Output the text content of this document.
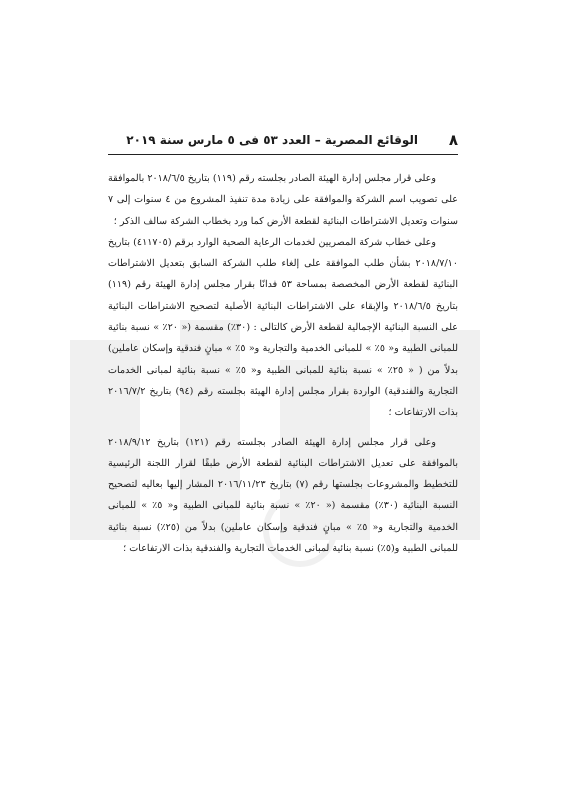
٨
الوقائع المصرية – العدد ٥٣ فى ٥ مارس سنة ٢٠١٩

وعلى قرار مجلس إدارة الهيئة الصادر بجلسته رقم (١١٩) بتاريخ ٢٠١٨/٦/٥ بالموافقة على تصويب اسم الشركة والموافقة على زيادة مدة تنفيذ المشروع من ٤ سنوات إلى ٧ سنوات وتعديل الاشتراطات البنائية لقطعة الأرض كما ورد بخطاب الشركة سالف الذكر ؛

وعلى خطاب شركة المصريين لخدمات الرعاية الصحية الوارد برقم (٤١١٧٠٥) بتاريخ ٢٠١٨/٧/١٠ بشأن طلب الموافقة على إلغاء طلب الشركة السابق بتعديل الاشتراطات البنائية لقطعة الأرض المخصصة بمساحة ٥٣ فدانًا بقرار مجلس إدارة الهيئة رقم (١١٩) بتاريخ ٢٠١٨/٦/٥ والإبقاء على الاشتراطات البنائية الأصلية لتصحيح الاشتراطات البنائية على النسبة البنائية الإجمالية لقطعة الأرض كالتالى : (٣٠٪) مقسمة (« ٢٠٪ » نسبة بنائية للمبانى الطبية و« ٥٪ » للمبانى الخدمية والتجارية و« ٥٪ » مبانٍ فندقية وإسكان عاملين) بدلاً من ( « ٢٥٪ » نسبة بنائية للمبانى الطبية و« ٥٪ » نسبة بنائية لمبانى الخدمات التجارية والفندقية) الواردة بقرار مجلس إدارة الهيئة بجلسته رقم (٩٤) بتاريخ ٢٠١٦/٧/٢ بذات الارتفاعات ؛

وعلى قرار مجلس إدارة الهيئة الصادر بجلسته رقم (١٢١) بتاريخ ٢٠١٨/٩/١٢ بالموافقة على تعديل الاشتراطات البنائية لقطعة الأرض طبقًا لقرار اللجنة الرئيسية للتخطيط والمشروعات بجلستها رقم (٧) بتاريخ ٢٠١٦/١١/٢٣ المشار إليها بعاليه لتصحيح النسبة البنائية (٣٠٪) مقسمة (« ٢٠٪ » نسبة بنائية للمبانى الطبية و« ٥٪ » للمبانى الخدمية والتجارية و« ٥٪ » مبانٍ فندقية وإسكان عاملين) بدلاً من (٢٥٪) نسبة بنائية للمبانى الطبية و(٥٪) نسبة بنائية لمبانى الخدمات التجارية والفندقية بذات الارتفاعات ؛
